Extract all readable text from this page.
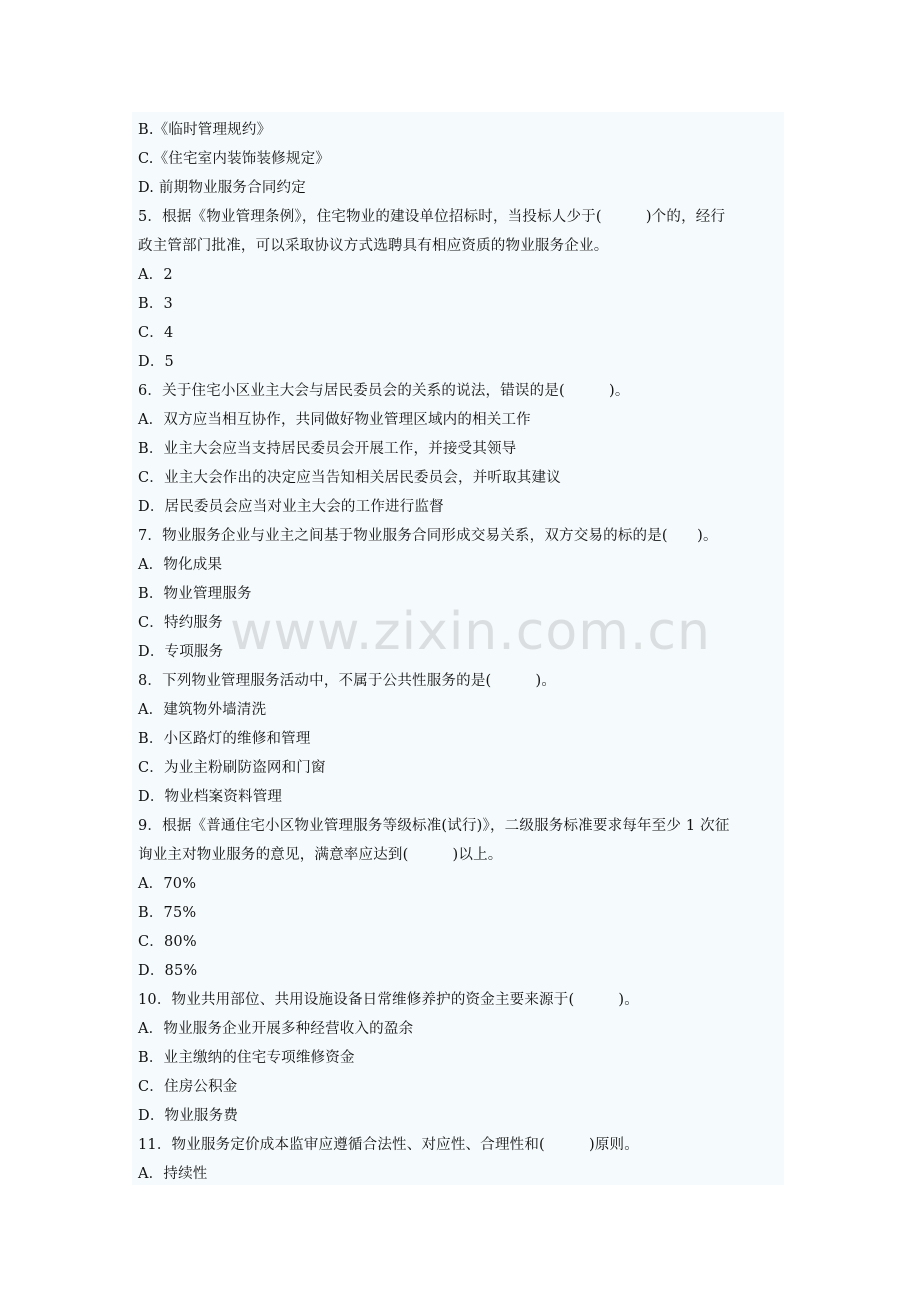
B.《临时管理规约》
C.《住宅室内装饰装修规定》
D. 前期物业服务合同约定
5．根据《物业管理条例》，住宅物业的建设单位招标时，当投标人少于(　　　)个的，经行
政主管部门批准，可以采取协议方式选聘具有相应资质的物业服务企业。
A．2
B．3
C．4
D．5
6．关于住宅小区业主大会与居民委员会的关系的说法，错误的是(　　　)。
A．双方应当相互协作，共同做好物业管理区域内的相关工作
B．业主大会应当支持居民委员会开展工作，并接受其领导
C．业主大会作出的决定应当告知相关居民委员会，并听取其建议
D．居民委员会应当对业主大会的工作进行监督
7．物业服务企业与业主之间基于物业服务合同形成交易关系，双方交易的标的是(　　)。
A．物化成果
B．物业管理服务
C．特约服务
D．专项服务
8．下列物业管理服务活动中，不属于公共性服务的是(　　　)。
A．建筑物外墙清洗
B．小区路灯的维修和管理
C．为业主粉刷防盗网和门窗
D．物业档案资料管理
9．根据《普通住宅小区物业管理服务等级标准(试行)》，二级服务标准要求每年至少 1 次征
询业主对物业服务的意见，满意率应达到(　　　)以上。
A．70%
B．75%
C．80%
D．85%
10．物业共用部位、共用设施设备日常维修养护的资金主要来源于(　　　)。
A．物业服务企业开展多种经营收入的盈余
B．业主缴纳的住宅专项维修资金
C．住房公积金
D．物业服务费
11．物业服务定价成本监审应遵循合法性、对应性、合理性和(　　　)原则。
A．持续性
www.zixin.com.cn
